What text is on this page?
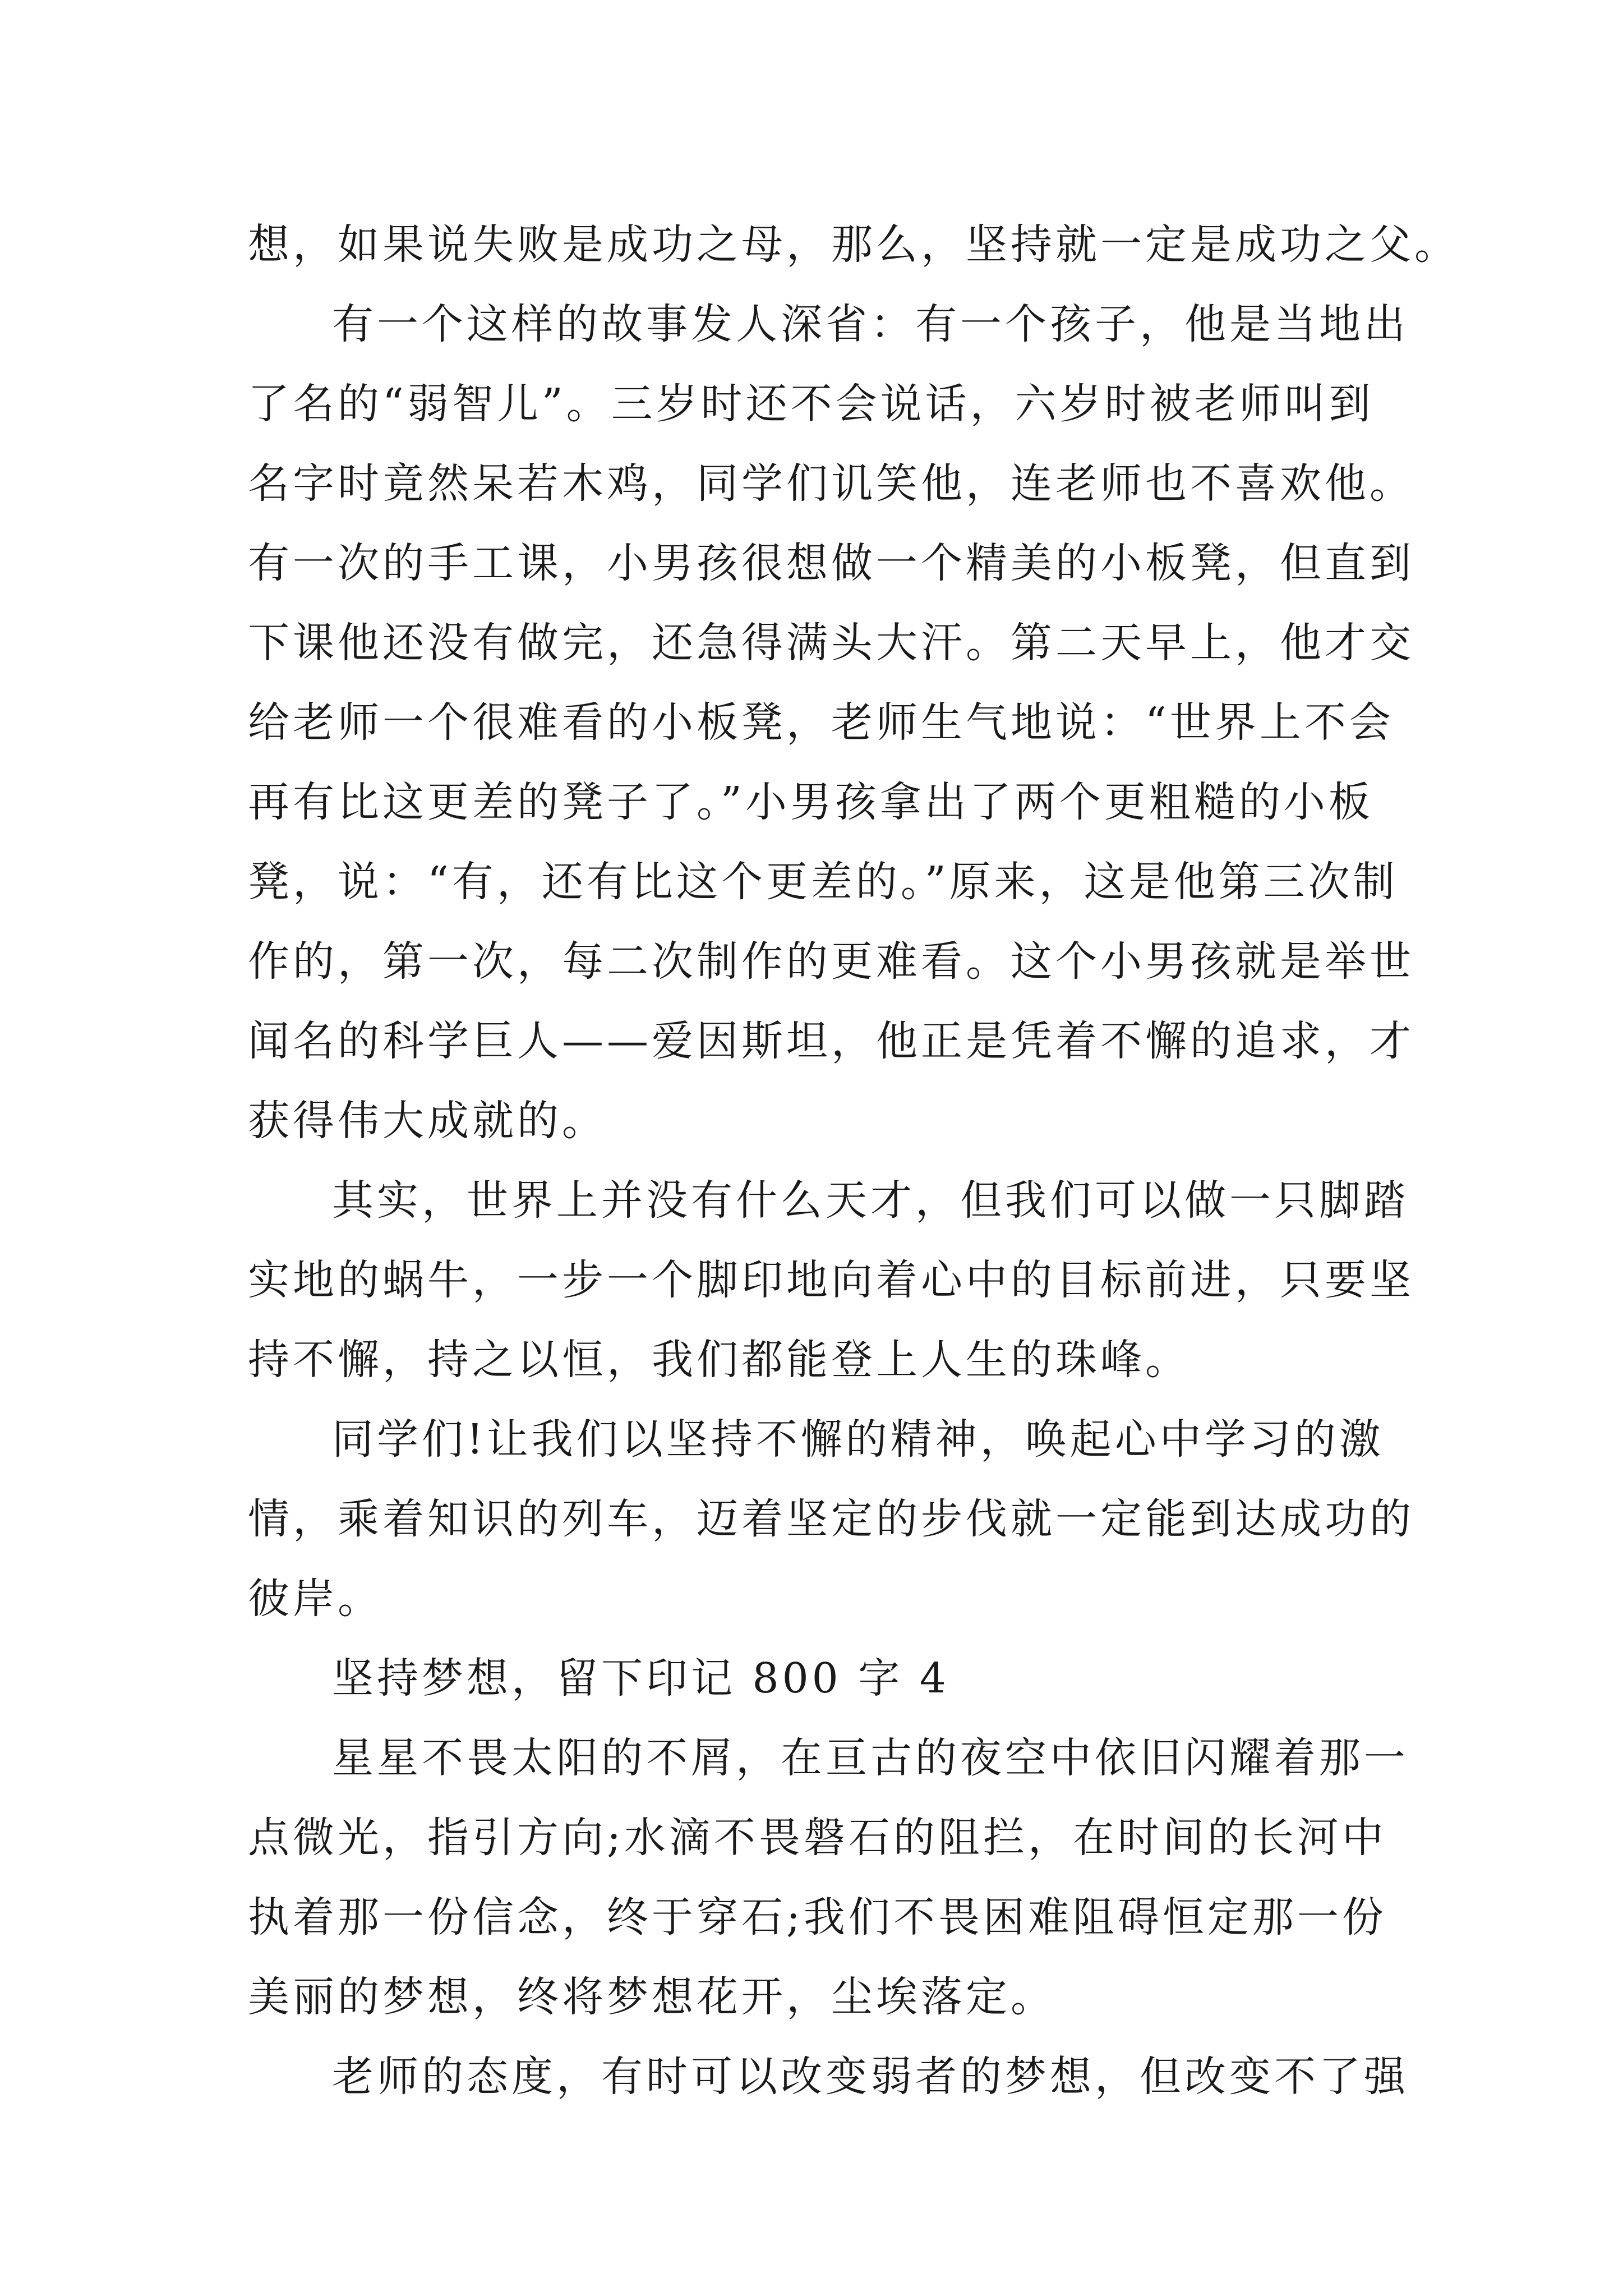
想，如果说失败是成功之母，那么，坚持就一定是成功之父。
有一个这样的故事发人深省：有一个孩子，他是当地出
了名的“弱智儿”。三岁时还不会说话，六岁时被老师叫到
名字时竟然呆若木鸡，同学们讥笑他，连老师也不喜欢他。
有一次的手工课，小男孩很想做一个精美的小板凳，但直到
下课他还没有做完，还急得满头大汗。第二天早上，他才交
给老师一个很难看的小板凳，老师生气地说：“世界上不会
再有比这更差的凳子了。”小男孩拿出了两个更粗糙的小板
凳，说：“有，还有比这个更差的。”原来，这是他第三次制
作的，第一次，每二次制作的更难看。这个小男孩就是举世
闻名的科学巨人——爱因斯坦，他正是凭着不懈的追求，才
获得伟大成就的。
其实，世界上并没有什么天才，但我们可以做一只脚踏
实地的蜗牛，一步一个脚印地向着心中的目标前进，只要坚
持不懈，持之以恒，我们都能登上人生的珠峰。
同学们!让我们以坚持不懈的精神，唤起心中学习的激
情，乘着知识的列车，迈着坚定的步伐就一定能到达成功的
彼岸。
坚持梦想，留下印记 800 字 4
星星不畏太阳的不屑，在亘古的夜空中依旧闪耀着那一
点微光，指引方向;水滴不畏磐石的阻拦，在时间的长河中
执着那一份信念，终于穿石;我们不畏困难阻碍恒定那一份
美丽的梦想，终将梦想花开，尘埃落定。
老师的态度，有时可以改变弱者的梦想，但改变不了强
